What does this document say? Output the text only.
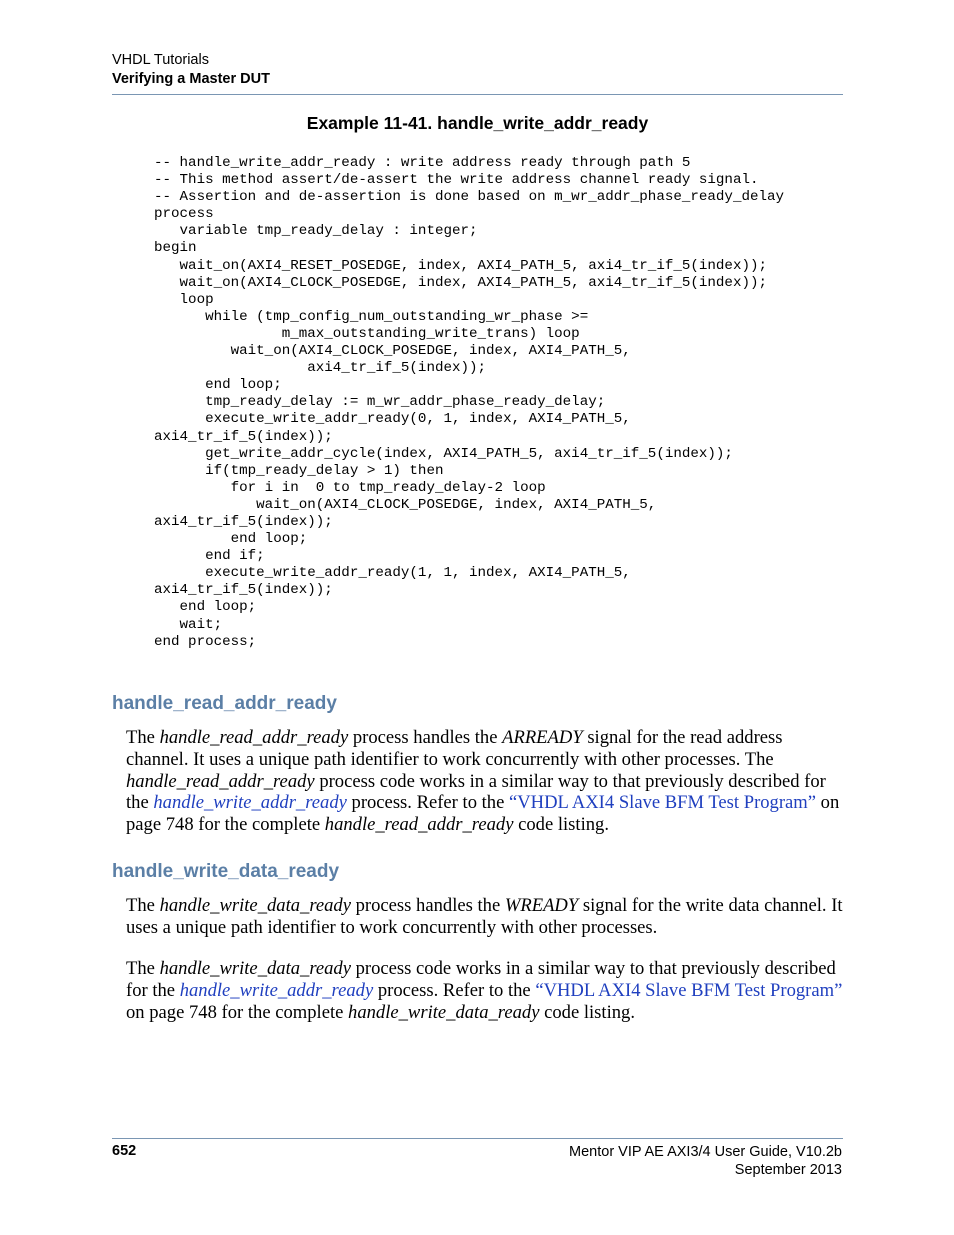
VHDL Tutorials
Verifying a Master DUT
Example 11-41. handle_write_addr_ready
-- handle_write_addr_ready : write address ready through path 5
-- This method assert/de-assert the write address channel ready signal.
-- Assertion and de-assertion is done based on m_wr_addr_phase_ready_delay
process
variable tmp_ready_delay : integer;
begin
wait_on(AXI4_RESET_POSEDGE, index, AXI4_PATH_5, axi4_tr_if_5(index));
wait_on(AXI4_CLOCK_POSEDGE, index, AXI4_PATH_5, axi4_tr_if_5(index));
loop
while (tmp_config_num_outstanding_wr_phase >=
m_max_outstanding_write_trans) loop
wait_on(AXI4_CLOCK_POSEDGE, index, AXI4_PATH_5,
axi4_tr_if_5(index));
end loop;
tmp_ready_delay := m_wr_addr_phase_ready_delay;
execute_write_addr_ready(0, 1, index, AXI4_PATH_5,
axi4_tr_if_5(index));
get_write_addr_cycle(index, AXI4_PATH_5, axi4_tr_if_5(index));
if(tmp_ready_delay > 1) then
for i in  0 to tmp_ready_delay-2 loop
wait_on(AXI4_CLOCK_POSEDGE, index, AXI4_PATH_5,
axi4_tr_if_5(index));
end loop;
end if;
execute_write_addr_ready(1, 1, index, AXI4_PATH_5,
axi4_tr_if_5(index));
end loop;
wait;
end process;
handle_read_addr_ready

The handle_read_addr_ready process handles the ARREADY signal for the read address channel. It uses a unique path identifier to work concurrently with other processes. The handle_read_addr_ready process code works in a similar way to that previously described for the handle_write_addr_ready process. Refer to the “VHDL AXI4 Slave BFM Test Program” on page 748 for the complete handle_read_addr_ready code listing.

handle_write_data_ready

The handle_write_data_ready process handles the WREADY signal for the write data channel. It uses a unique path identifier to work concurrently with other processes.

The handle_write_data_ready process code works in a similar way to that previously described for the handle_write_addr_ready process. Refer to the “VHDL AXI4 Slave BFM Test Program” on page 748 for the complete handle_write_data_ready code listing.

652	Mentor VIP AE AXI3/4 User Guide, V10.2b
September 2013
